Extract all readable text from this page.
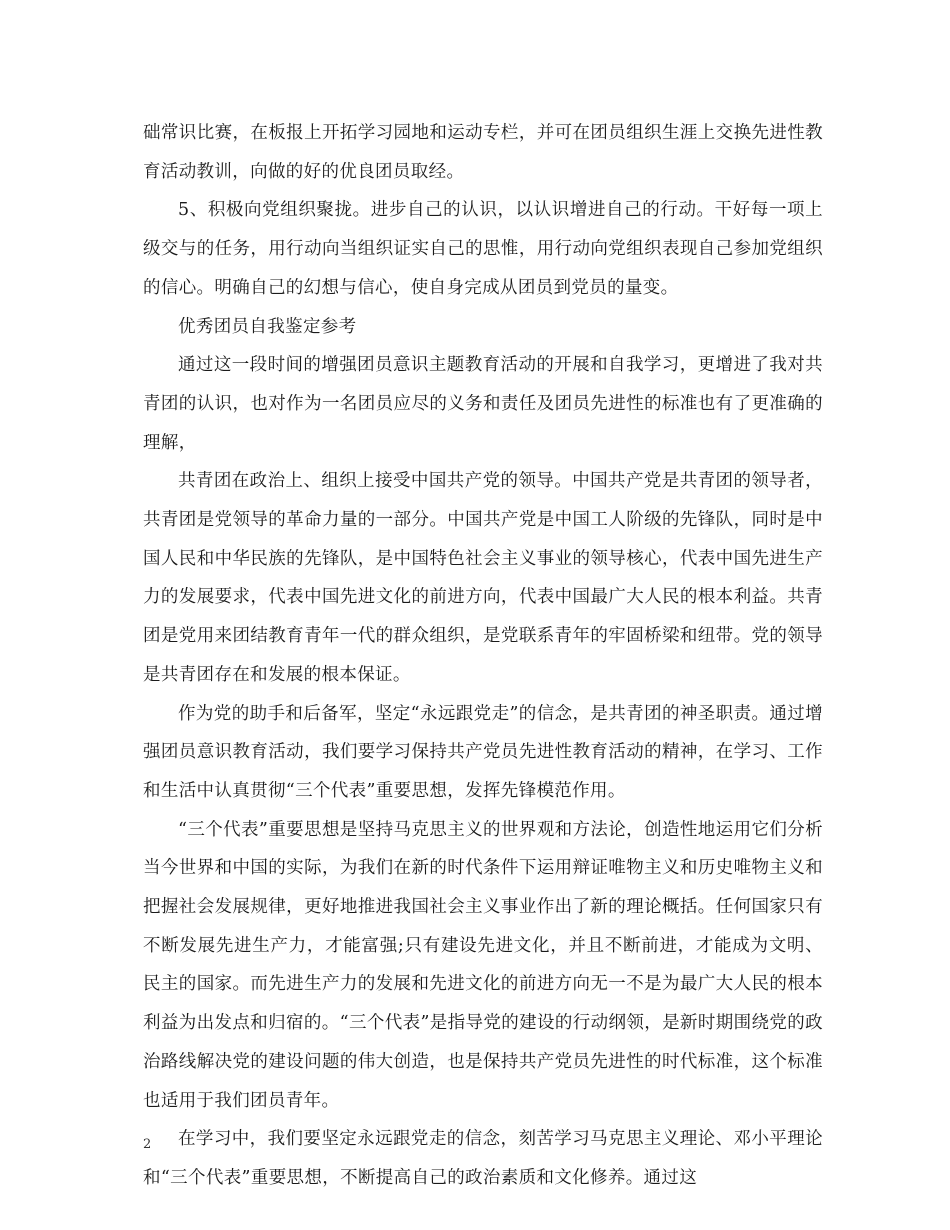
础常识比赛，在板报上开拓学习园地和运动专栏，并可在团员组织生涯上交换先进性教育活动教训，向做的好的优良团员取经。

5、积极向党组织聚拢。进步自己的认识，以认识增进自己的行动。干好每一项上级交与的任务，用行动向当组织证实自己的思惟，用行动向党组织表现自己参加党组织的信心。明确自己的幻想与信心，使自身完成从团员到党员的量变。

优秀团员自我鉴定参考

通过这一段时间的增强团员意识主题教育活动的开展和自我学习，更增进了我对共青团的认识，也对作为一名团员应尽的义务和责任及团员先进性的标准也有了更准确的理解，

共青团在政治上、组织上接受中国共产党的领导。中国共产党是共青团的领导者，共青团是党领导的革命力量的一部分。中国共产党是中国工人阶级的先锋队，同时是中国人民和中华民族的先锋队，是中国特色社会主义事业的领导核心，代表中国先进生产力的发展要求，代表中国先进文化的前进方向，代表中国最广大人民的根本利益。共青团是党用来团结教育青年一代的群众组织，是党联系青年的牢固桥梁和纽带。党的领导是共青团存在和发展的根本保证。

作为党的助手和后备军，坚定“永远跟党走”的信念，是共青团的神圣职责。通过增强团员意识教育活动，我们要学习保持共产党员先进性教育活动的精神，在学习、工作和生活中认真贯彻“三个代表”重要思想，发挥先锋模范作用。

“三个代表”重要思想是坚持马克思主义的世界观和方法论，创造性地运用它们分析当今世界和中国的实际，为我们在新的时代条件下运用辩证唯物主义和历史唯物主义和把握社会发展规律，更好地推进我国社会主义事业作出了新的理论概括。任何国家只有不断发展先进生产力，才能富强;只有建设先进文化，并且不断前进，才能成为文明、民主的国家。而先进生产力的发展和先进文化的前进方向无一不是为最广大人民的根本利益为出发点和归宿的。“三个代表”是指导党的建设的行动纲领，是新时期围绕党的政治路线解决党的建设问题的伟大创造，也是保持共产党员先进性的时代标准，这个标准也适用于我们团员青年。

在学习中，我们要坚定永远跟党走的信念，刻苦学习马克思主义理论、邓小平理论和“三个代表”重要思想，不断提高自己的政治素质和文化修养。通过这

2
